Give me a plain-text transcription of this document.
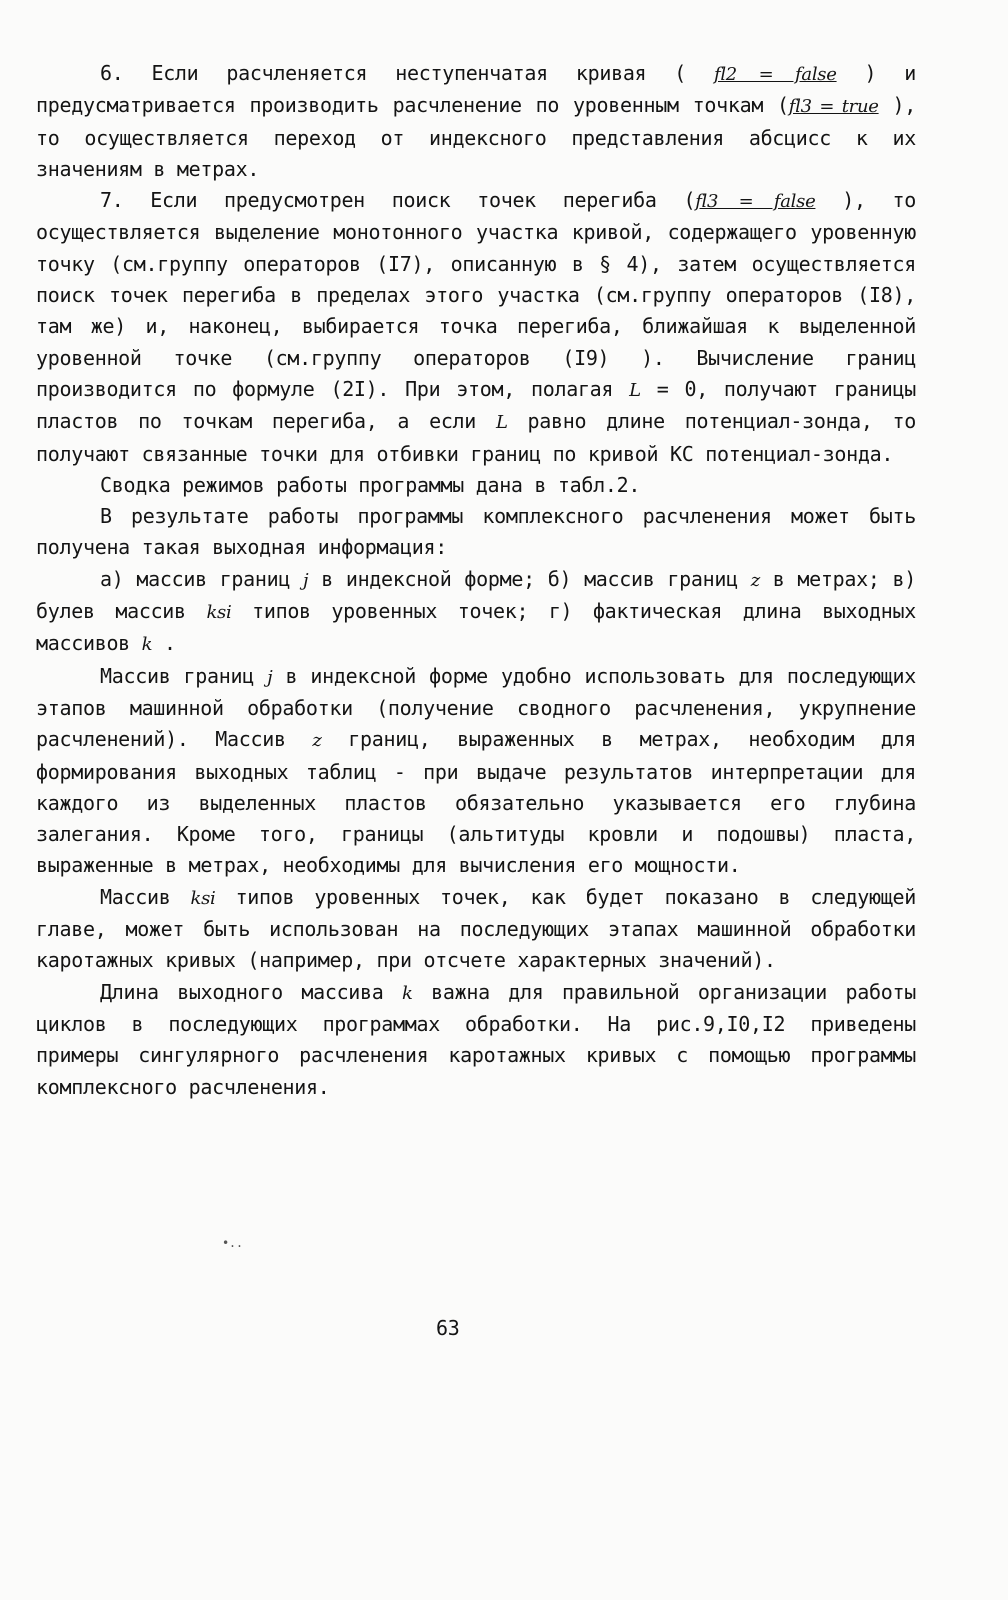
6. Если расчленяется неступенчатая кривая ( fl2 = false ) и предусматривается производить расчленение по уровенным точкам (fl3 = true ), то осуществляется переход от индексного представления абсцисс к их значениям в метрах.

7. Если предусмотрен поиск точек перегиба (fl3 = false ), то осуществляется выделение монотонного участка кривой, содержащего уровенную точку (см.группу операторов (I7), описанную в § 4), затем осуществляется поиск точек перегиба в пределах этого участка (см.группу операторов (I8), там же) и, наконец, выбирается точка перегиба, ближайшая к выделенной уровенной точке (см.группу операторов (I9) ). Вычисление границ производится по формуле (2I). При этом, полагая L = 0, получают границы пластов по точкам перегиба, а если L равно длине потенциал-зонда, то получают связанные точки для отбивки границ по кривой КС потенциал-зонда.

Сводка режимов работы программы дана в табл.2.

В результате работы программы комплексного расчленения может быть получена такая выходная информация:

а) массив границ j в индексной форме; б) массив границ z в метрах; в) булев массив ksi типов уровенных точек; г) фактическая длина выходных массивов k .

Массив границ j в индексной форме удобно использовать для последующих этапов машинной обработки (получение сводного расчленения, укрупнение расчленений). Массив z границ, выраженных в метрах, необходим для формирования выходных таблиц - при выдаче результатов интерпретации для каждого из выделенных пластов обязательно указывается его глубина залегания. Кроме того, границы (альтитуды кровли и подошвы) пласта, выраженные в метрах, необходимы для вычисления его мощности.

Массив ksi типов уровенных точек, как будет показано в следующей главе, может быть использован на последующих этапах машинной обработки каротажных кривых (например, при отсчете характерных значений).

Длина выходного массива k важна для правильной организации работы циклов в последующих программах обработки. На рис.9,I0,I2 приведены примеры сингулярного расчленения каротажных кривых с помощью программы комплексного расчленения.

•..
63
